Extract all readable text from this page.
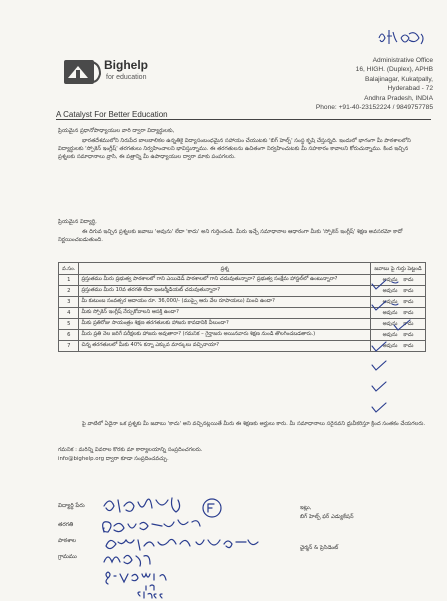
Bighelp
for education
A Catalyst For Better Education
Administrative Office
16, HIGH. (Duplex), APHB
Balajinagar, Kukatpally,
Hyderabad - 72
Andhra Pradesh, INDIA
Phone: +91-40-23152224 / 9849757785
ప్రియమైన ప్రధానోపాధ్యాయుల వారి ద్వారా విద్యార్థులకు,
భారతదేశములోని నిరుపేద బాలబాలికల ఉన్నతికై విద్యాసంబంధమైన సహాయం చేయుటకు 'బిగ్ హెల్ప్' సంస్థ కృషి చేస్తున్నది. ఇందులో భాగంగా మీ పాఠశాలలోని విద్యార్థులకు 'స్పోకెన్ ఇంగ్లీష్' తరగతులు నిర్వహించాలని భావిస్తున్నాము. ఈ తరగతులను ఉచితంగా నిర్వహించుటకు మీ సహకారం కావాలని కోరుచున్నాము. కింద ఇచ్చిన ప్రశ్నలకు సమాధానాలు వ్రాసి, ఈ పత్రాన్ని మీ ఉపాధ్యాయుల ద్వారా మాకు పంపగలరు.
ప్రియమైన విద్యార్థి,
ఈ దిగువ ఇచ్చిన ప్రశ్నలకు జవాబు 'అవును' లేదా 'కాదు' అని గుర్తించండి. మీరు ఇచ్చే సమాధానాల ఆధారంగా మీకు 'స్పోకెన్ ఇంగ్లీష్' శిక్షణ అవసరమో కాదో నిర్ణయించబడుతుంది.
వ.సం.	ప్రశ్న	జవాబు పై గుర్తు పెట్టండి
1	ప్రస్తుతము మీరు ప్రభుత్వ పాఠశాలలో గాని ఎయిడెడ్ పాఠశాలలో గాని చదువుతున్నారా? ప్రభుత్వ సంక్షేమ హాస్టల్‌లో ఉంటున్నారా?	అవును కాదు
2	ప్రస్తుతము మీరు 10వ తరగతి లేదా ఇంటర్మీడియట్ చదువుతున్నారా?	అవును కాదు
3	మీ కుటుంబ సంవత్సర ఆదాయం రూ. 36,000/- (ముప్పై ఆరు వేల రూపాయలు) మించి ఉందా?	అవును కాదు
4	మీకు స్పోకెన్ ఇంగ్లీష్ నేర్చుకోవాలని ఆసక్తి ఉందా?	అవును కాదు
5	మీకు ప్రతిరోజు సాయంత్రం శిక్షణ తరగతులకు హాజరు కావడానికి వీలుందా?	అవును కాదు
6	మీరు ప్రతి నెల జరిగే పరీక్షలకు హాజరు అవుతారా? (గమనిక – గైర్హాజరు అయినవారు శిక్షణ నుండి తొలగించబడతారు.)	అవును కాదు
7	చిన్న తరగతులలో మీకు 40% కన్నా ఎక్కువ మార్కులు వచ్చినాయా?	అవును కాదు
పై వాటిలో ఏదైనా ఒక ప్రశ్నకు మీ జవాబు 'కాదు' అని వచ్చినట్లయితే మీరు ఈ శిక్షణకు అర్హులు కారు. మీ సమాధానాలు సరైనవని ధ్రువీకరిస్తూ క్రింద సంతకం చేయగలరు.
గమనిక : మరిన్ని వివరాల కొరకు మా కార్యాలయాన్ని సంప్రదించగలరు.
info@bighelp.org ద్వారా కూడా సంప్రదించవచ్చు.
విద్యార్థి పేరు
తరగతి
పాఠశాల
గ్రామము
ఇట్లు,
బిగ్ హెల్ప్ ఫర్ ఎడ్యుకేషన్
ఛైర్మన్ & ప్రెసిడెంట్
